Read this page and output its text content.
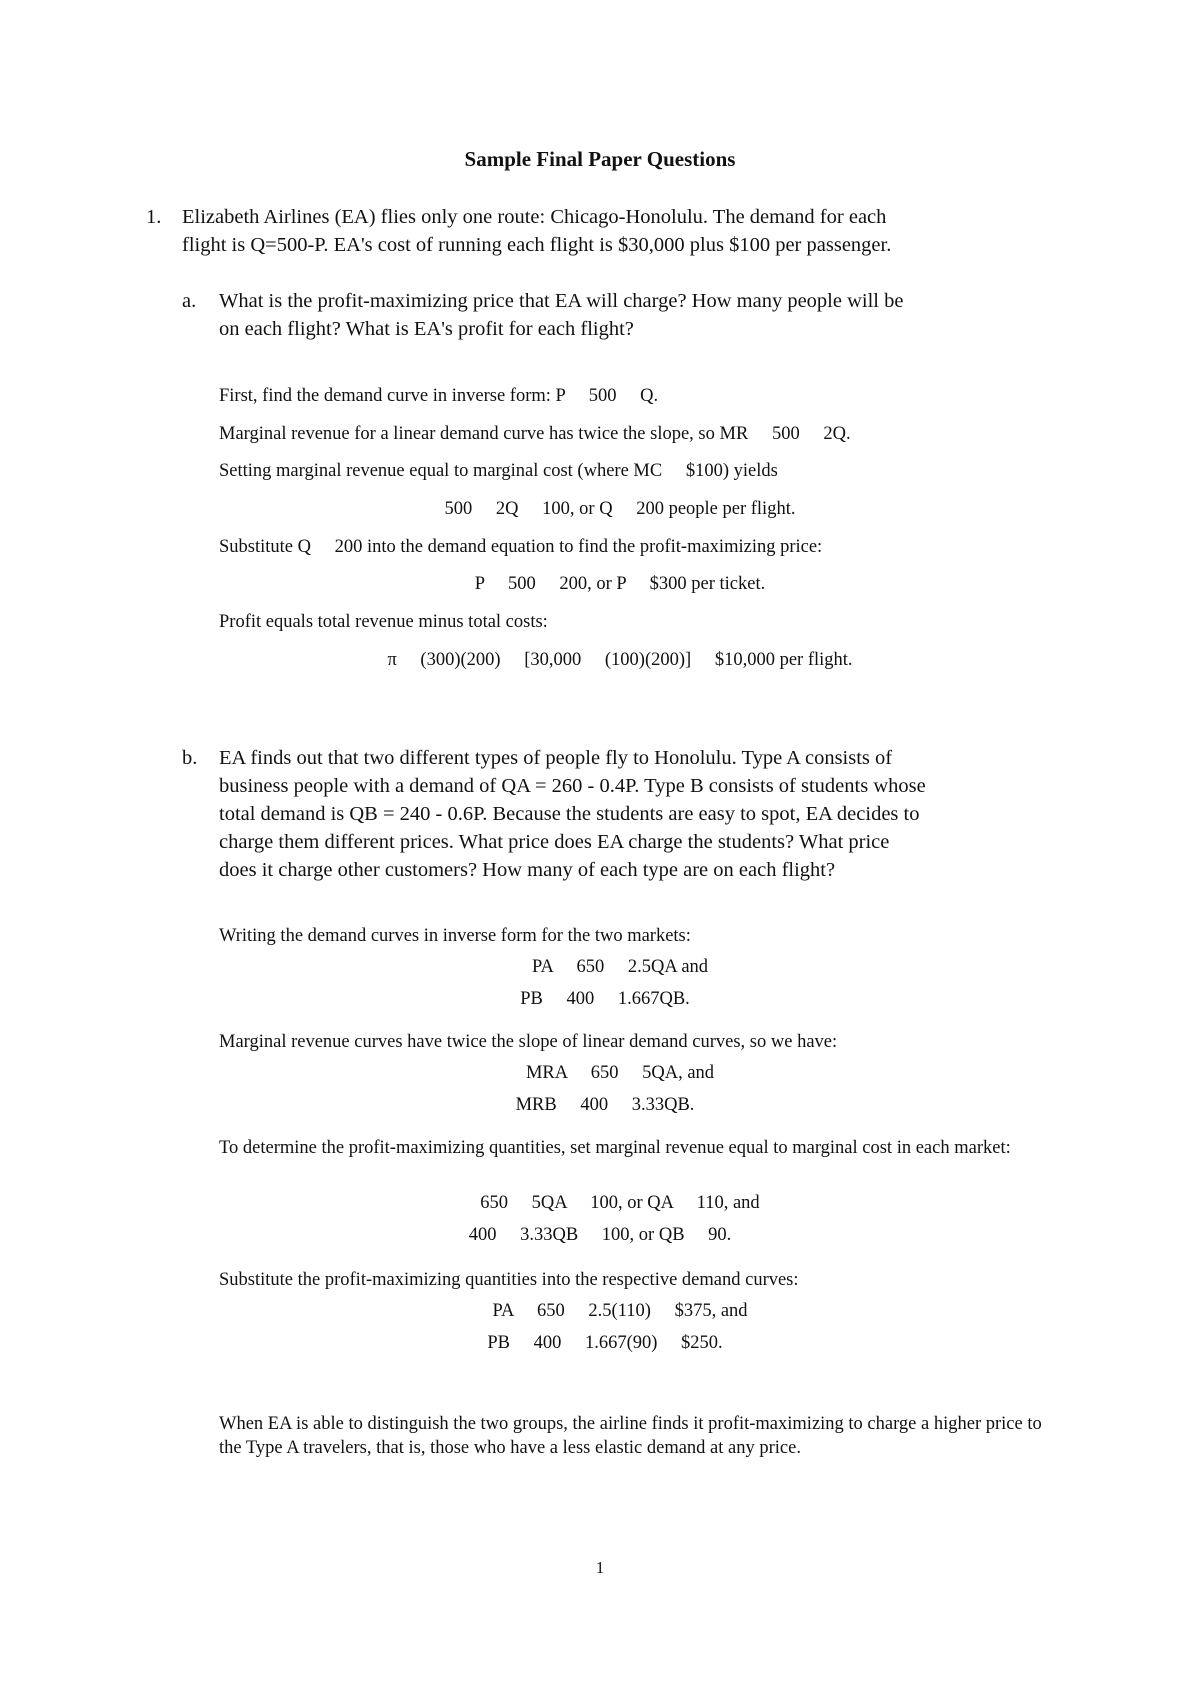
Sample Final Paper Questions
1. Elizabeth Airlines (EA) flies only one route: Chicago-Honolulu. The demand for each
flight is Q=500-P. EA's cost of running each flight is $30,000 plus $100 per passenger.
a. What is the profit-maximizing price that EA will charge? How many people will be
on each flight? What is EA's profit for each flight?
First, find the demand curve in inverse form: P   500   Q.
Marginal revenue for a linear demand curve has twice the slope, so MR   500   2Q.
Setting marginal revenue equal to marginal cost (where MC   $100) yields
500   2Q   100, or Q   200 people per flight.
Substitute Q   200 into the demand equation to find the profit-maximizing price:
P   500   200, or P   $300 per ticket.
Profit equals total revenue minus total costs:
π   (300)(200)   [30,000   (100)(200)]   $10,000 per flight.
b. EA finds out that two different types of people fly to Honolulu. Type A consists of
business people with a demand of QA = 260 - 0.4P. Type B consists of students whose
total demand is QB = 240 - 0.6P. Because the students are easy to spot, EA decides to
charge them different prices. What price does EA charge the students? What price
does it charge other customers? How many of each type are on each flight?
Writing the demand curves in inverse form for the two markets:
PA   650   2.5QA and
PB   400   1.667QB.
Marginal revenue curves have twice the slope of linear demand curves, so we have:
MRA   650   5QA, and
MRB   400   3.33QB.
To determine the profit-maximizing quantities, set marginal revenue equal to marginal cost in each market:
650   5QA   100, or QA   110, and
400   3.33QB   100, or QB   90.
Substitute the profit-maximizing quantities into the respective demand curves:
PA   650   2.5(110)   $375, and
PB   400   1.667(90)   $250.
When EA is able to distinguish the two groups, the airline finds it profit-maximizing to charge a higher price to the Type A travelers, that is, those who have a less elastic demand at any price.
1
